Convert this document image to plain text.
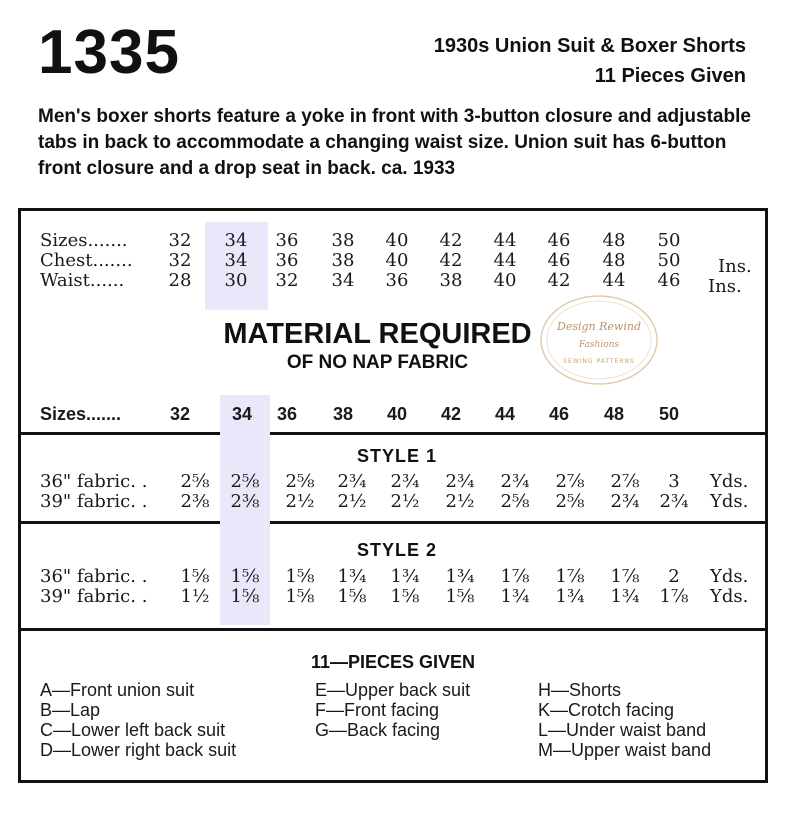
1335	1930s Union Suit & Boxer Shorts
11 Pieces Given
Men's boxer shorts feature a yoke in front with 3-button closure and adjustable tabs in back to accommodate a changing waist size. Union suit has 6-button front closure and a drop seat in back. ca. 1933
Sizes.......	32	34	36	38	40	42	44	46	48	50
Chest.......	32	34	36	38	40	42	44	46	48	50	Ins.
Waist......	28	30	32	34	36	38	40	42	44	46	Ins.
MATERIAL REQUIRED
OF NO NAP FABRIC
Sizes.......	32	34	36	38	40	42	44	46	48	50
STYLE 1
36" fabric. .	2⅝	2⅝	2⅝	2¾	2¾	2¾	2¾	2⅞	2⅞	3	Yds.
39" fabric. .	2⅜	2⅜	2½	2½	2½	2½	2⅝	2⅝	2¾	2¾	Yds.
STYLE 2
36" fabric. .	1⅝	1⅝	1⅝	1¾	1¾	1¾	1⅞	1⅞	1⅞	2	Yds.
39" fabric. .	1½	1⅝	1⅝	1⅝	1⅝	1⅝	1¾	1¾	1¾	1⅞	Yds.
11—PIECES GIVEN
A—Front union suit
B—Lap
C—Lower left back suit
D—Lower right back suit
E—Upper back suit
F—Front facing
G—Back facing
H—Shorts
K—Crotch facing
L—Under waist band
M—Upper waist band
Design Rewind
Fashions
SEWING PATTERNS
